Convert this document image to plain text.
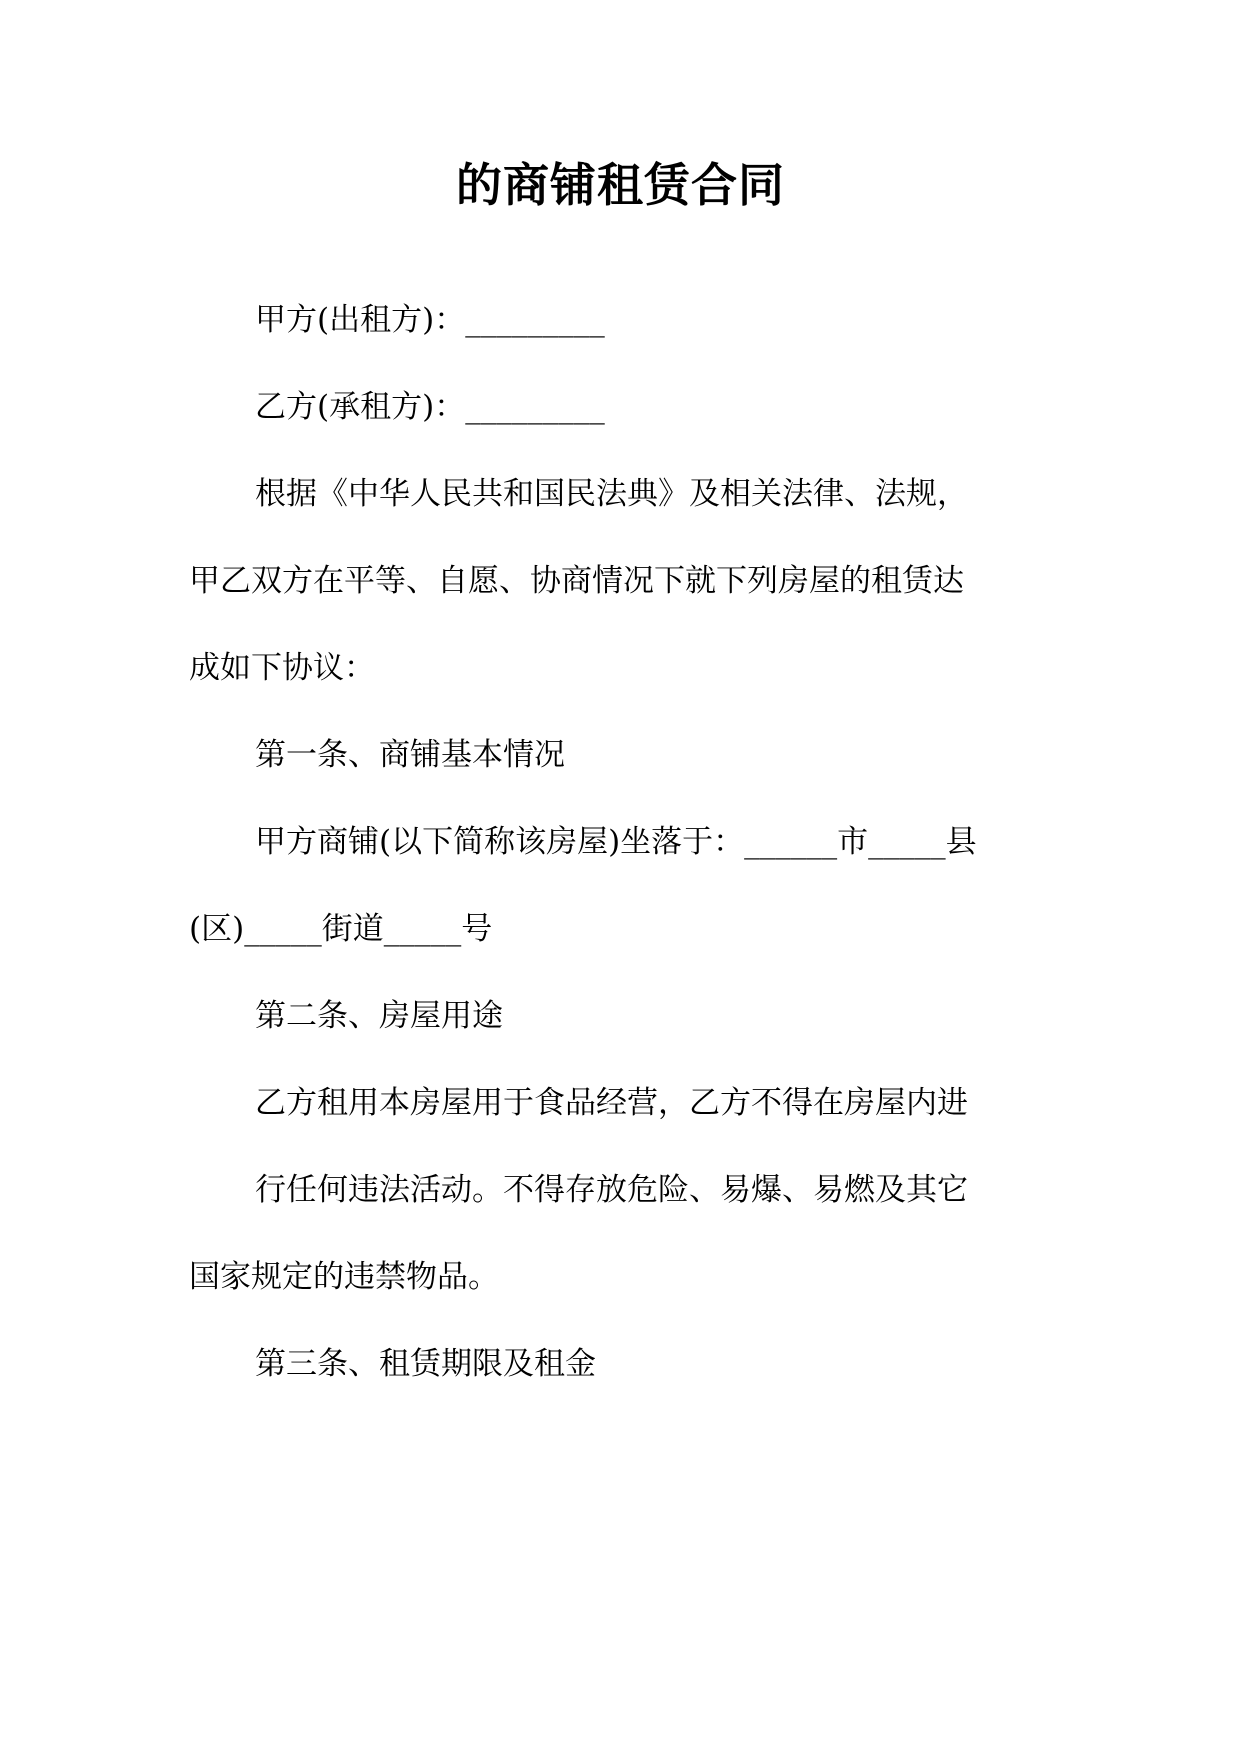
的商铺租赁合同
甲方(出租方)：_________
乙方(承租方)：_________
根据《中华人民共和国民法典》及相关法律、法规，
甲乙双方在平等、自愿、协商情况下就下列房屋的租赁达
成如下协议：
第一条、商铺基本情况
甲方商铺(以下简称该房屋)坐落于：______市_____县
(区)_____街道_____号
第二条、房屋用途
乙方租用本房屋用于食品经营，乙方不得在房屋内进
行任何违法活动。不得存放危险、易爆、易燃及其它
国家规定的违禁物品。
第三条、租赁期限及租金
